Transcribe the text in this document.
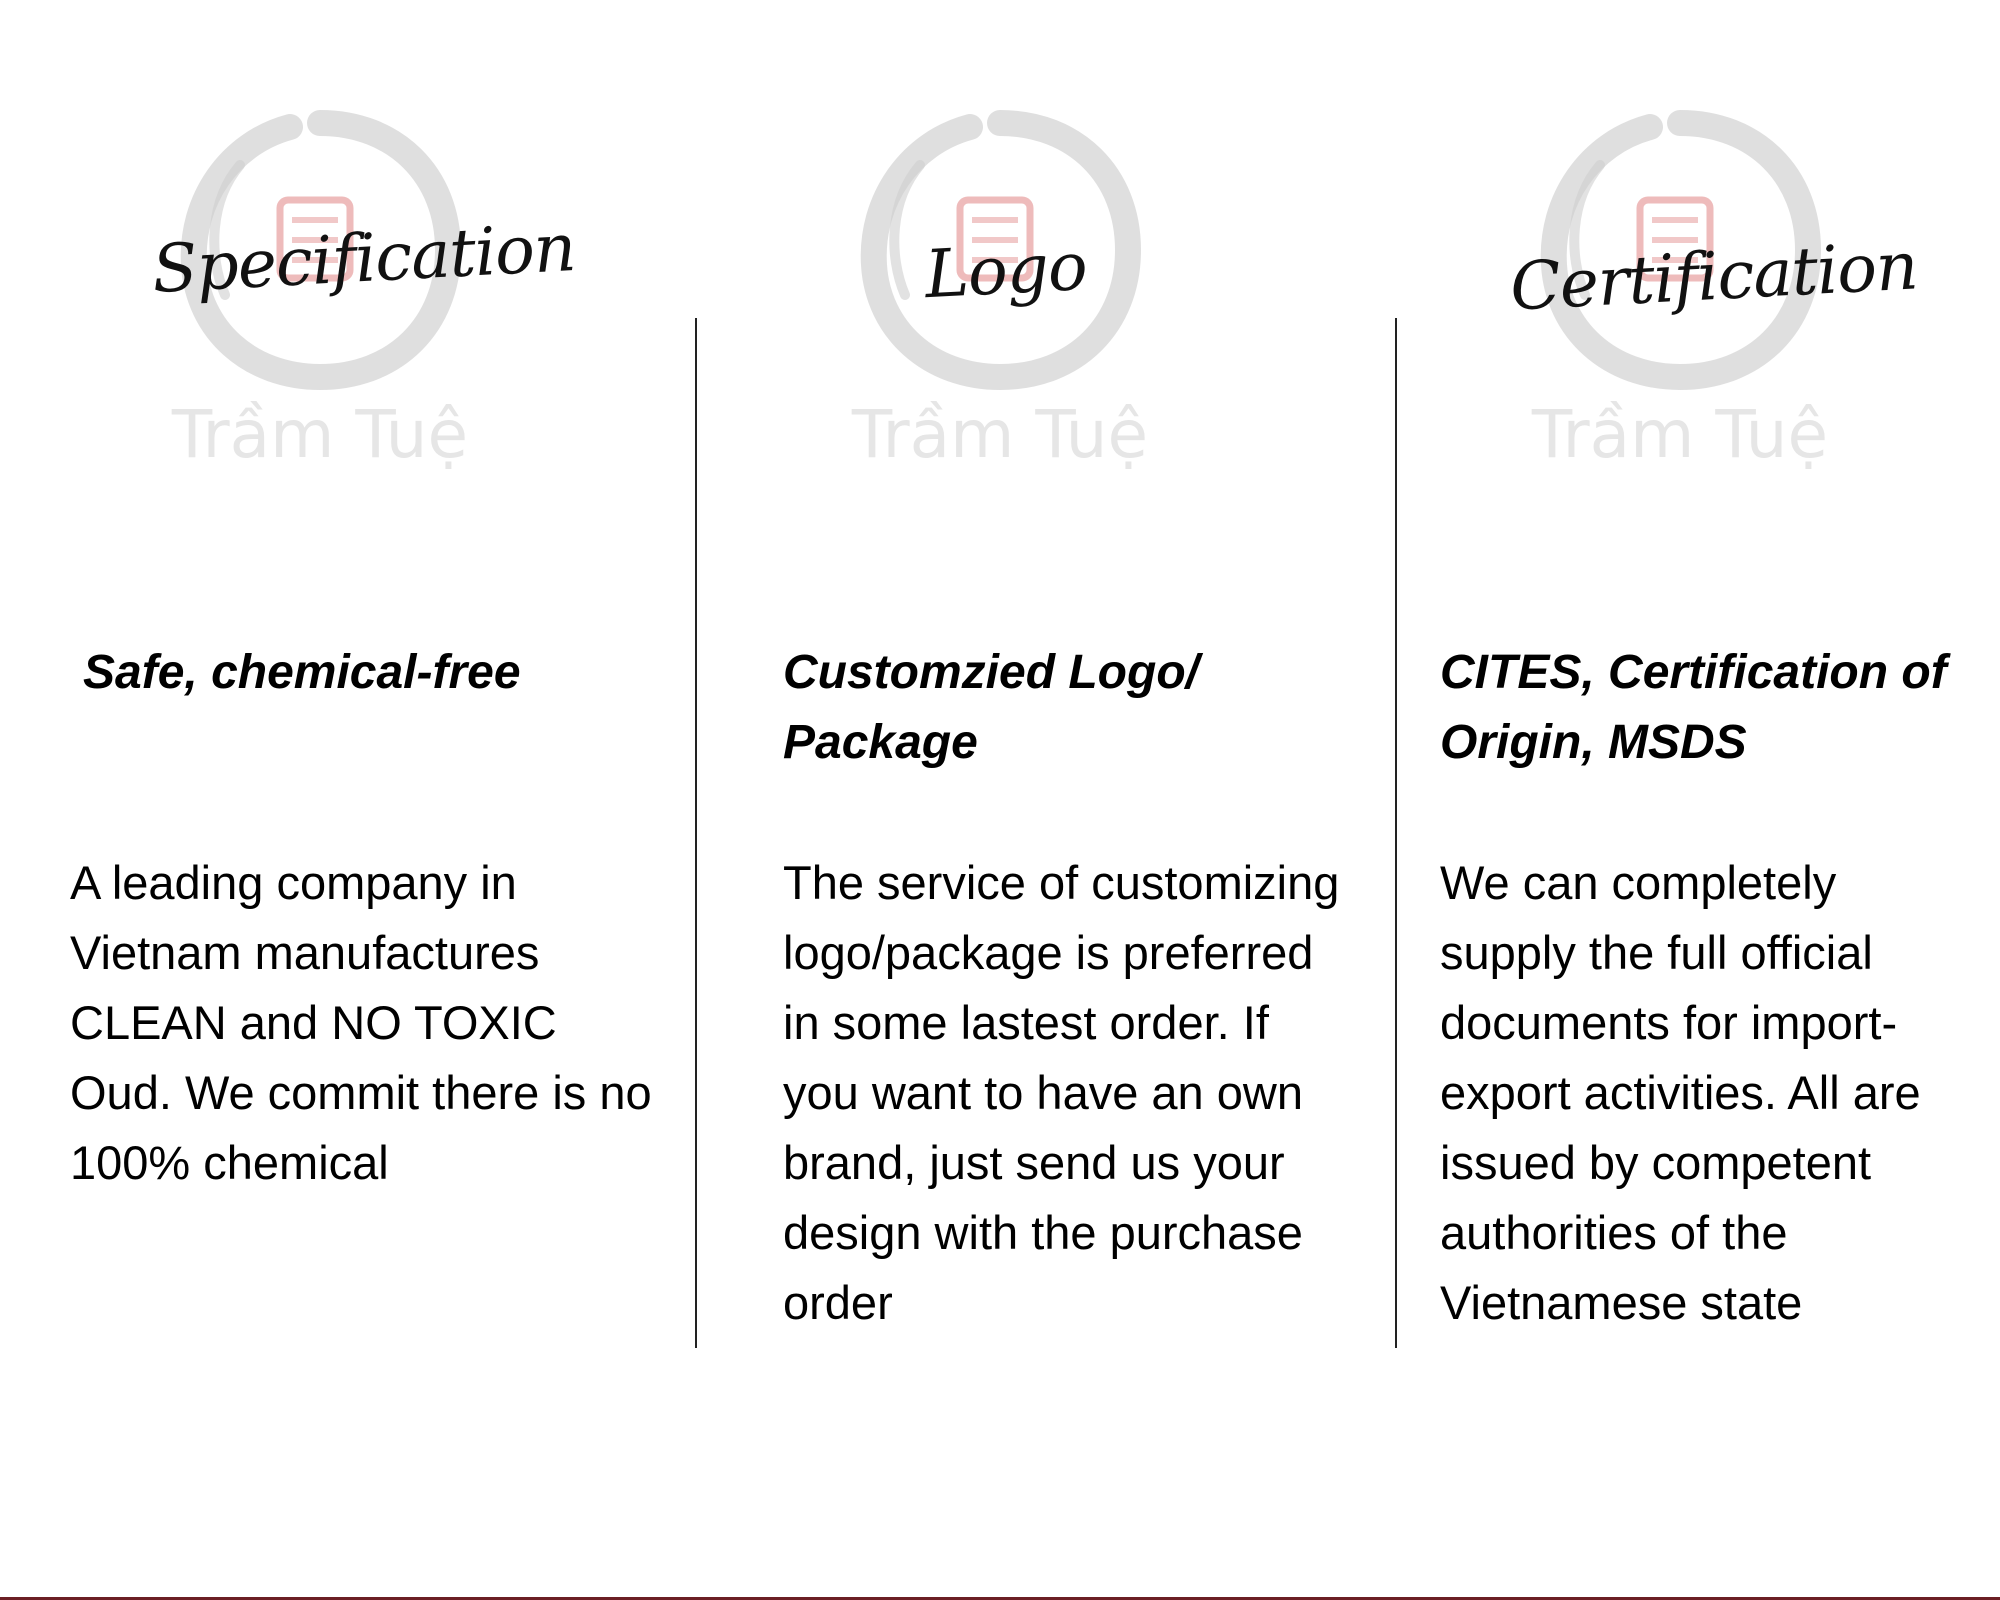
Trầm Tuệ
Specification
Safe, chemical-free

A leading company in Vietnam manufactures CLEAN and NO TOXIC Oud. We commit there is no 100% chemical

Trầm Tuệ
Logo
Customzied Logo/ Package

The service of customizing logo/package is preferred in some lastest order. If you want to have an own brand, just send us your design with the purchase order

Trầm Tuệ
Certification
CITES, Certification of Origin, MSDS

We can completely supply the full official documents for import-export activities. All are issued by competent authorities of the Vietnamese state
